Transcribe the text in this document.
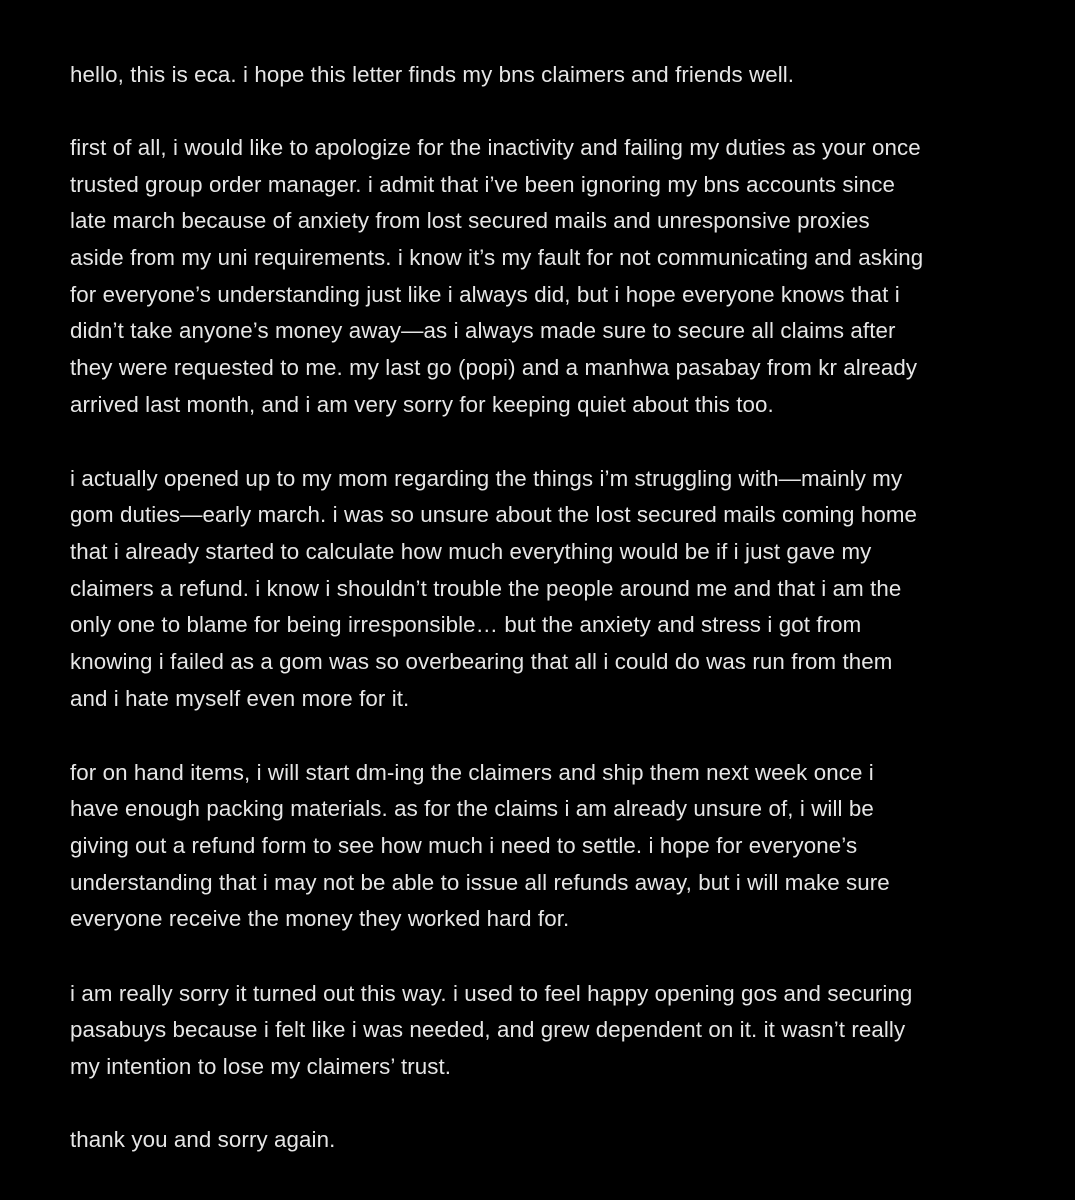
hello, this is eca. i hope this letter finds my bns claimers and friends well.
first of all, i would like to apologize for the inactivity and failing my duties as your once
trusted group order manager. i admit that i’ve been ignoring my bns accounts since
late march because of anxiety from lost secured mails and unresponsive proxies
aside from my uni requirements. i know it’s my fault for not communicating and asking
for everyone’s understanding just like i always did, but i hope everyone knows that i
didn’t take anyone’s money away—as i always made sure to secure all claims after
they were requested to me. my last go (popi) and a manhwa pasabay from kr already
arrived last month, and i am very sorry for keeping quiet about this too.
i actually opened up to my mom regarding the things i’m struggling with—mainly my
gom duties—early march. i was so unsure about the lost secured mails coming home
that i already started to calculate how much everything would be if i just gave my
claimers a refund. i know i shouldn’t trouble the people around me and that i am the
only one to blame for being irresponsible… but the anxiety and stress i got from
knowing i failed as a gom was so overbearing that all i could do was run from them
and i hate myself even more for it.
for on hand items, i will start dm-ing the claimers and ship them next week once i
have enough packing materials. as for the claims i am already unsure of, i will be
giving out a refund form to see how much i need to settle. i hope for everyone’s
understanding that i may not be able to issue all refunds away, but i will make sure
everyone receive the money they worked hard for.
i am really sorry it turned out this way. i used to feel happy opening gos and securing
pasabuys because i felt like i was needed, and grew dependent on it. it wasn’t really
my intention to lose my claimers’ trust.
thank you and sorry again.
